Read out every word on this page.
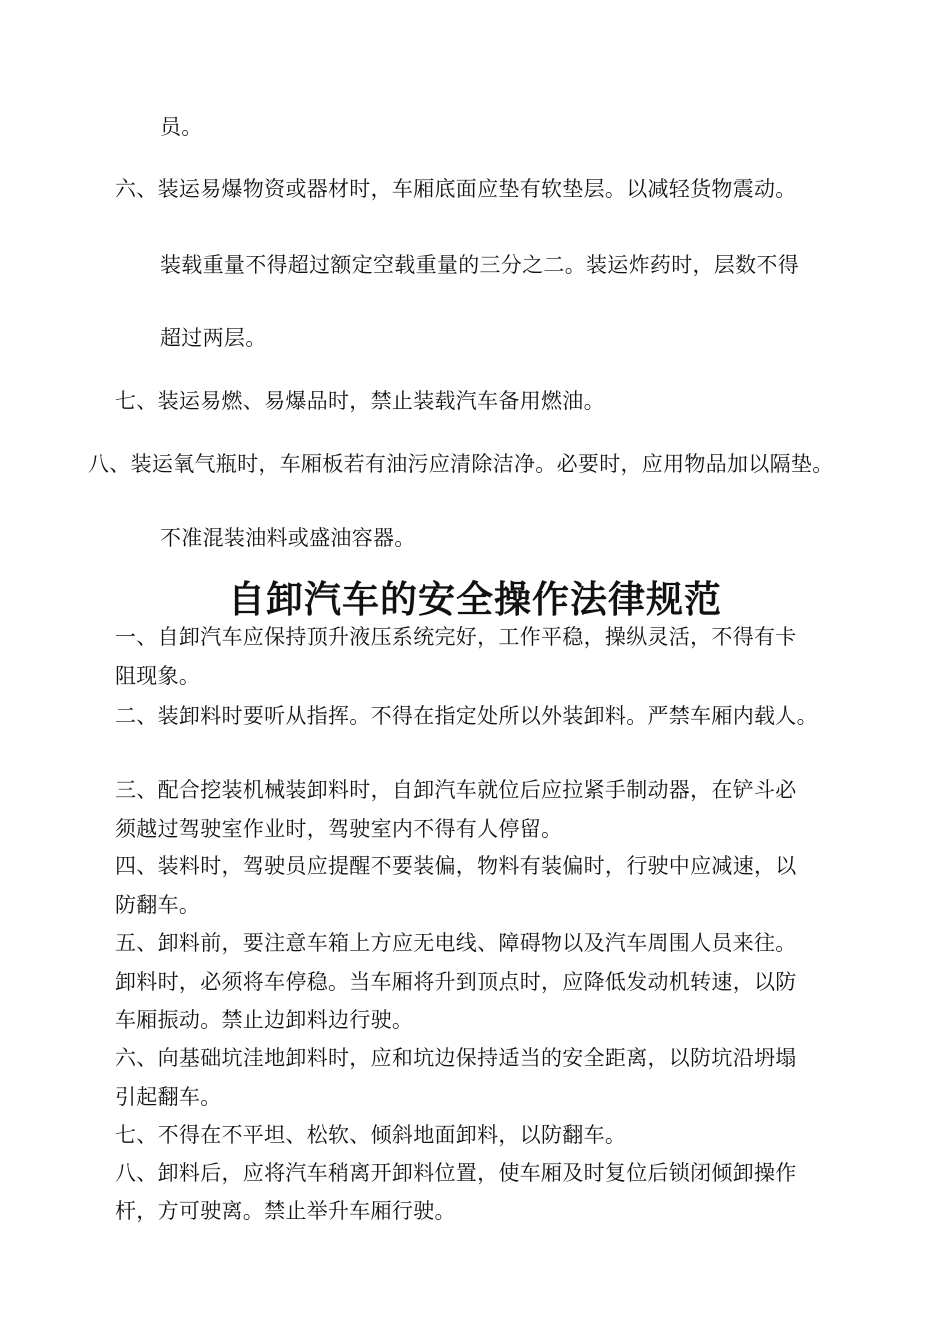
员。
六、装运易爆物资或器材时，车厢底面应垫有软垫层。以减轻货物震动。
装载重量不得超过额定空载重量的三分之二。装运炸药时，层数不得
超过两层。
七、装运易燃、易爆品时，禁止装载汽车备用燃油。
八、装运氧气瓶时，车厢板若有油污应清除洁净。必要时，应用物品加以隔垫。
不准混装油料或盛油容器。
自卸汽车的安全操作法律规范
一、自卸汽车应保持顶升液压系统完好，工作平稳，操纵灵活，不得有卡
阻现象。
二、装卸料时要听从指挥。不得在指定处所以外装卸料。严禁车厢内载人。
三、配合挖装机械装卸料时，自卸汽车就位后应拉紧手制动器，在铲斗必
须越过驾驶室作业时，驾驶室内不得有人停留。
四、装料时，驾驶员应提醒不要装偏，物料有装偏时，行驶中应减速，以
防翻车。
五、卸料前，要注意车箱上方应无电线、障碍物以及汽车周围人员来往。
卸料时，必须将车停稳。当车厢将升到顶点时，应降低发动机转速，以防
车厢振动。禁止边卸料边行驶。
六、向基础坑洼地卸料时，应和坑边保持适当的安全距离，以防坑沿坍塌
引起翻车。
七、不得在不平坦、松软、倾斜地面卸料，以防翻车。
八、卸料后，应将汽车稍离开卸料位置，使车厢及时复位后锁闭倾卸操作
杆，方可驶离。禁止举升车厢行驶。
